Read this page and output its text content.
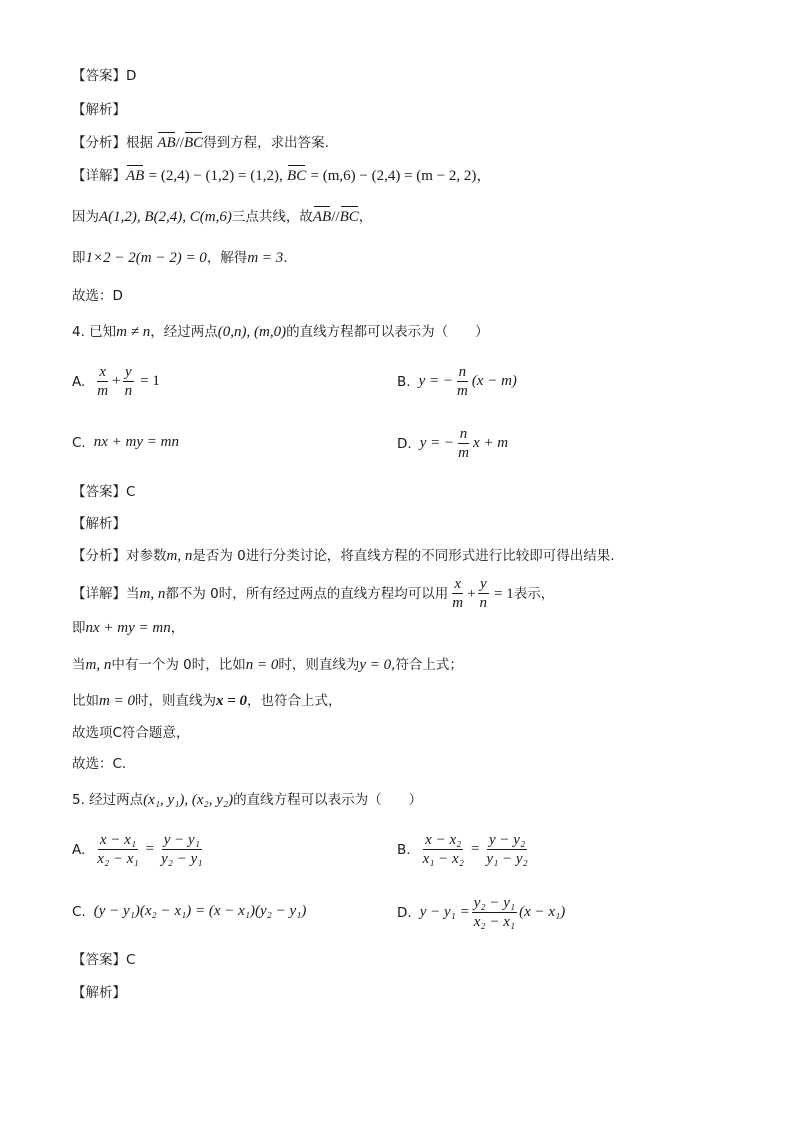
【答案】D
【解析】
【分析】根据 AB//BC得到方程，求出答案.
【详解】AB = (2,4) − (1,2) = (1,2), BC = (m,6) − (2,4) = (m − 2, 2)，
因为A(1,2), B(2,4), C(m,6)三点共线，故AB//BC，
即1×2 − 2(m − 2) = 0，解得m = 3.
故选：D
4. 已知m ≠ n，经过两点(0,n), (m,0)的直线方程都可以表示为（　　）
A. $\frac{x}{m} + \frac{y}{n} = 1$	B. y = − $\frac{n}{m} (x - m)$
C. nx + my = mn	D. y = − $\frac{n}{m}$ x + m
【答案】C
【解析】
【分析】对参数m, n是否为 0进行分类讨论，将直线方程的不同形式进行比较即可得出结果.
【详解】 当 m, n 都不为 0时，所有经过两点的直线方程均可以用 $\frac{x}{m} + \frac{y}{n} = 1$ 表示，
即nx + my = mn，
当m, n中有一个为 0时，比如n = 0时，则直线为y = 0,符合上式；
比如m = 0时，则直线为x = 0，也符合上式，
故选项C符合题意，
故选：C.
5. 经过两点(x₁, y₁), (x₂, y₂)的直线方程可以表示为（　　）
A. $\frac{\text{x − x₁}}{\text{x₂ − x₁}} = \frac{\text{y − y₁}}{\text{y₂ − y₁}}$	B. $\frac{\text{x − x₂}}{\text{x₁ − x₂}} = \frac{\text{y − y₂}}{\text{y₁ − y₂}}$
C. (y − y₁)(x₂ − x₁) = (x − x₁)(y₂ − y₁)	D. $y - y_1 = \frac{\text{y₂ − y₁}}{\text{x₂ − x₁}} (x - x_1)$
【答案】C
【解析】
